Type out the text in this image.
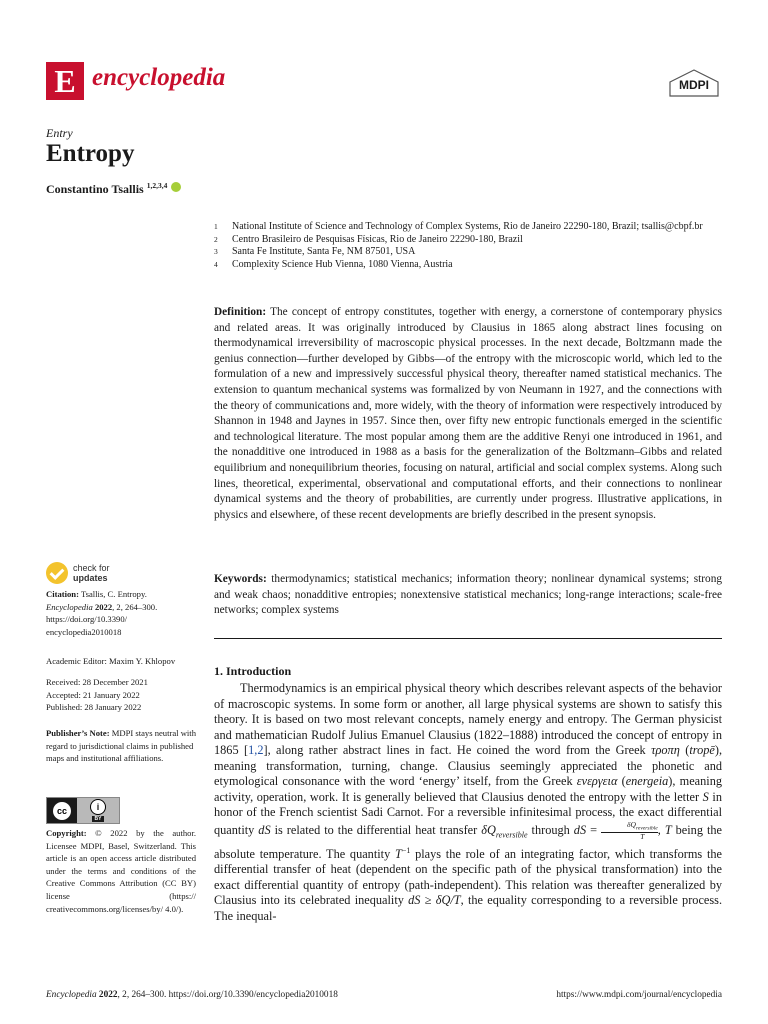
E encyclopedia	MDPI
Entry
Entropy
Constantino Tsallis $^{1,2,3,4}$
1	National Institute of Science and Technology of Complex Systems, Rio de Janeiro 22290-180, Brazil; tsallis@cbpf.br
2	Centro Brasileiro de Pesquisas Físicas, Rio de Janeiro 22290-180, Brazil
3	Santa Fe Institute, Santa Fe, NM 87501, USA
4	Complexity Science Hub Vienna, 1080 Vienna, Austria

Definition: The concept of entropy constitutes, together with energy, a cornerstone of contemporary physics and related areas. It was originally introduced by Clausius in 1865 along abstract lines focusing on thermodynamical irreversibility of macroscopic physical processes. In the next decade, Boltzmann made the genius connection—further developed by Gibbs—of the entropy with the microscopic world, which led to the formulation of a new and impressively successful physical theory, thereafter named statistical mechanics. The extension to quantum mechanical systems was formalized by von Neumann in 1927, and the connections with the theory of communications and, more widely, with the theory of information were respectively introduced by Shannon in 1948 and Jaynes in 1957. Since then, over fifty new entropic functionals emerged in the scientific and technological literature. The most popular among them are the additive Renyi one introduced in 1961, and the nonadditive one introduced in 1988 as a basis for the generalization of the Boltzmann–Gibbs and related equilibrium and nonequilibrium theories, focusing on natural, artificial and social complex systems. Along such lines, theoretical, experimental, observational and computational efforts, and their connections to nonlinear dynamical systems and the theory of probabilities, are currently under progress. Illustrative applications, in physics and elsewhere, of these recent developments are briefly described in the present synopsis.

Keywords: thermodynamics; statistical mechanics; information theory; nonlinear dynamical systems; strong and weak chaos; nonadditive entropies; nonextensive statistical mechanics; long-range interactions; scale-free networks; complex systems

1. Introduction

Thermodynamics is an empirical physical theory which describes relevant aspects of the behavior of macroscopic systems. In some form or another, all large physical systems are shown to satisfy this theory. It is based on two most relevant concepts, namely energy and entropy. The German physicist and mathematician Rudolf Julius Emanuel Clausius (1822–1888) introduced the concept of entropy in 1865 [1,2], along rather abstract lines in fact. He coined the word from the Greek τροπη (tropē), meaning transformation, turning, change. Clausius seemingly appreciated the phonetic and etymological consonance with the word ‘energy’ itself, from the Greek ενεργεια (energeia), meaning activity, operation, work. It is generally believed that Clausius denoted the entropy with the letter S in honor of the French scientist Sadi Carnot. For a reversible infinitesimal process, the exact differential quantity dS is related to the differential heat transfer $\delta Q_{reversible}$ through dS =	$\delta Q_{reversible}$
T	, T being the absolute temperature. The quantity $T^{-1}$ plays the role of an integrating factor, which transforms the differential transfer of heat (dependent on the specific path of the physical transformation) into the exact differential quantity of entropy (path-independent). This relation was thereafter generalized by Clausius into its celebrated inequality dS ≥ δQ/T, the equality corresponding to a reversible process. The inequal-

check for
updates

Citation: Tsallis, C. Entropy.
Encyclopedia 2022, 2, 264–300.
https://doi.org/10.3390/
encyclopedia2010018

Academic Editor: Maxim Y. Khlopov

Received: 28 December 2021
Accepted: 21 January 2022
Published: 28 January 2022

Publisher’s Note: MDPI stays neutral with regard to jurisdictional claims in published maps and institutional affiliations.

cc	i
BY

Copyright: © 2022 by the author. Licensee MDPI, Basel, Switzerland. This article is an open access article distributed under the terms and conditions of the Creative Commons Attribution (CC BY) license (https:// creativecommons.org/licenses/by/ 4.0/).

Encyclopedia 2022, 2, 264–300. https://doi.org/10.3390/encyclopedia2010018	https://www.mdpi.com/journal/encyclopedia
